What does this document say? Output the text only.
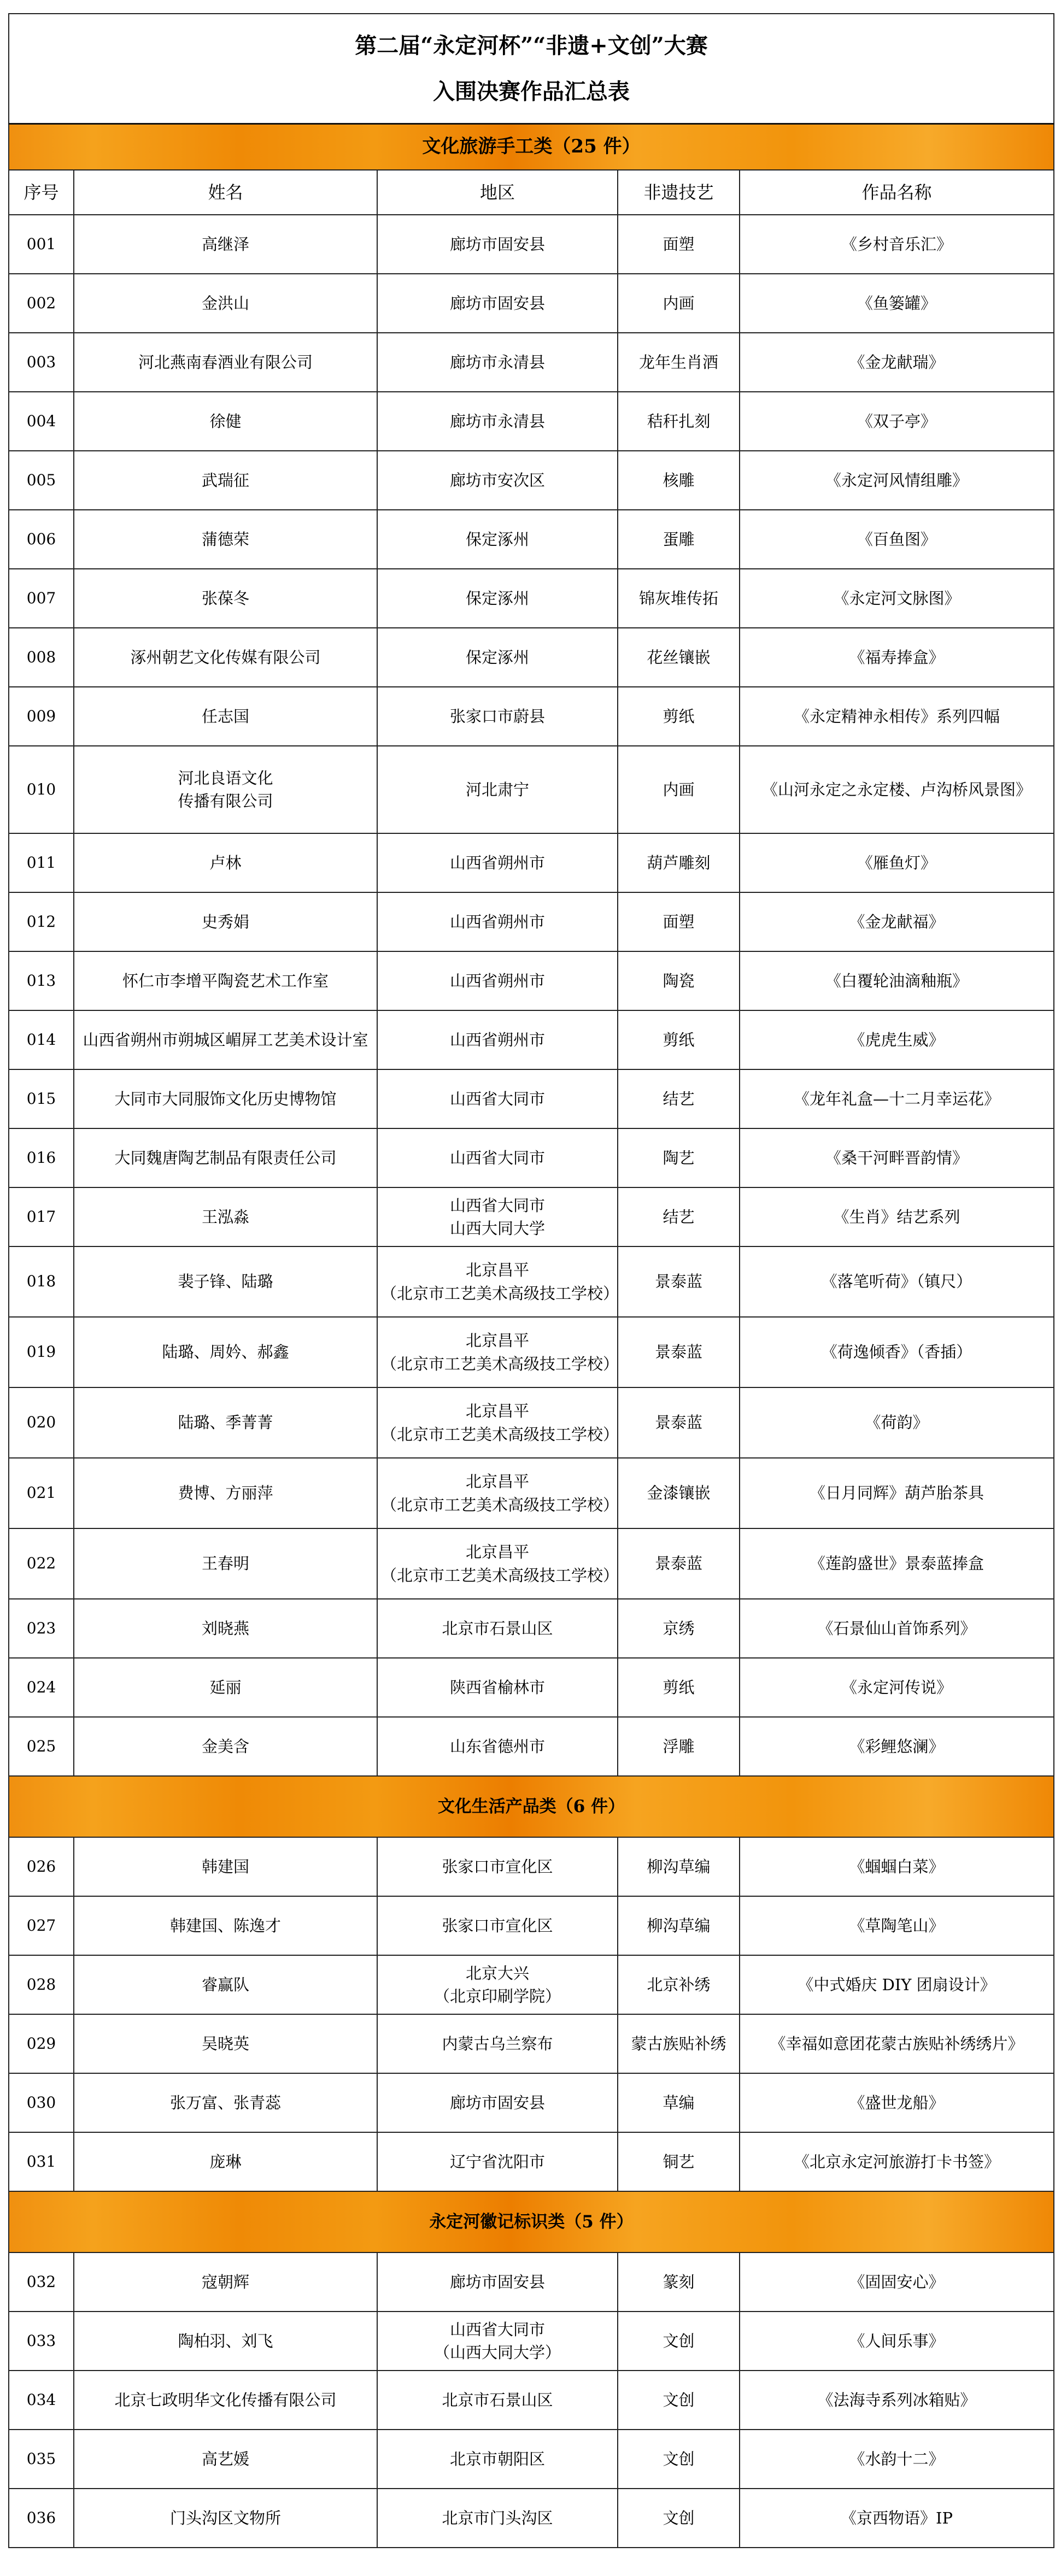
第二届“永定河杯”“非遗+文创”大赛
入围决赛作品汇总表				

文化旅游手工类（25 件）				
序号	姓名	地区	非遗技艺	作品名称
001	高继泽	廊坊市固安县	面塑	《乡村音乐汇》
002	金洪山	廊坊市固安县	内画	《鱼篓罐》
003	河北燕南春酒业有限公司	廊坊市永清县	龙年生肖酒	《金龙献瑞》
004	徐健	廊坊市永清县	秸秆扎刻	《双子亭》
005	武瑞征	廊坊市安次区	核雕	《永定河风情组雕》
006	蒲德荣	保定涿州	蛋雕	《百鱼图》
007	张葆冬	保定涿州	锦灰堆传拓	《永定河文脉图》
008	涿州朝艺文化传媒有限公司	保定涿州	花丝镶嵌	《福寿捧盒》
009	任志国	张家口市蔚县	剪纸	《永定精神永相传》系列四幅
010	河北良语文化
传播有限公司	河北肃宁	内画	《山河永定之永定楼、卢沟桥风景图》
011	卢林	山西省朔州市	葫芦雕刻	《雁鱼灯》
012	史秀娟	山西省朔州市	面塑	《金龙献福》
013	怀仁市李增平陶瓷艺术工作室	山西省朔州市	陶瓷	《白覆轮油滴釉瓶》
014	山西省朔州市朔城区嵋屏工艺美术设计室	山西省朔州市	剪纸	《虎虎生威》
015	大同市大同服饰文化历史博物馆	山西省大同市	结艺	《龙年礼盒—十二月幸运花》
016	大同魏唐陶艺制品有限责任公司	山西省大同市	陶艺	《桑干河畔晋韵情》
017	王泓淼	山西省大同市
山西大同大学	结艺	《生肖》结艺系列
018	裴子锋、陆璐	北京昌平
（北京市工艺美术高级技工学校）	景泰蓝	《落笔听荷》（镇尺）
019	陆璐、周妗、郝鑫	北京昌平
（北京市工艺美术高级技工学校）	景泰蓝	《荷逸倾香》（香插）
020	陆璐、季菁菁	北京昌平
（北京市工艺美术高级技工学校）	景泰蓝	《荷韵》
021	费博、方丽萍	北京昌平
（北京市工艺美术高级技工学校）	金漆镶嵌	《日月同辉》葫芦胎茶具
022	王春明	北京昌平
（北京市工艺美术高级技工学校）	景泰蓝	《莲韵盛世》景泰蓝捧盒
023	刘晓燕	北京市石景山区	京绣	《石景仙山首饰系列》
024	延丽	陕西省榆林市	剪纸	《永定河传说》
025	金美含	山东省德州市	浮雕	《彩鲤悠澜》
文化生活产品类（6 件）				
026	韩建国	张家口市宣化区	柳沟草编	《蝈蝈白菜》
027	韩建国、陈逸才	张家口市宣化区	柳沟草编	《草陶笔山》
028	睿赢队	北京大兴
（北京印刷学院）	北京补绣	《中式婚庆 DIY 团扇设计》
029	吴晓英	内蒙古乌兰察布	蒙古族贴补绣	《幸福如意团花蒙古族贴补绣绣片》
030	张万富、张青蕊	廊坊市固安县	草编	《盛世龙船》
031	庞琳	辽宁省沈阳市	铜艺	《北京永定河旅游打卡书签》
永定河徽记标识类（5 件）				
032	寇朝辉	廊坊市固安县	篆刻	《固固安心》
033	陶柏羽、刘飞	山西省大同市
（山西大同大学）	文创	《人间乐事》
034	北京七政明华文化传播有限公司	北京市石景山区	文创	《法海寺系列冰箱贴》
035	高艺媛	北京市朝阳区	文创	《水韵十二》
036	门头沟区文物所	北京市门头沟区	文创	《京西物语》IP
